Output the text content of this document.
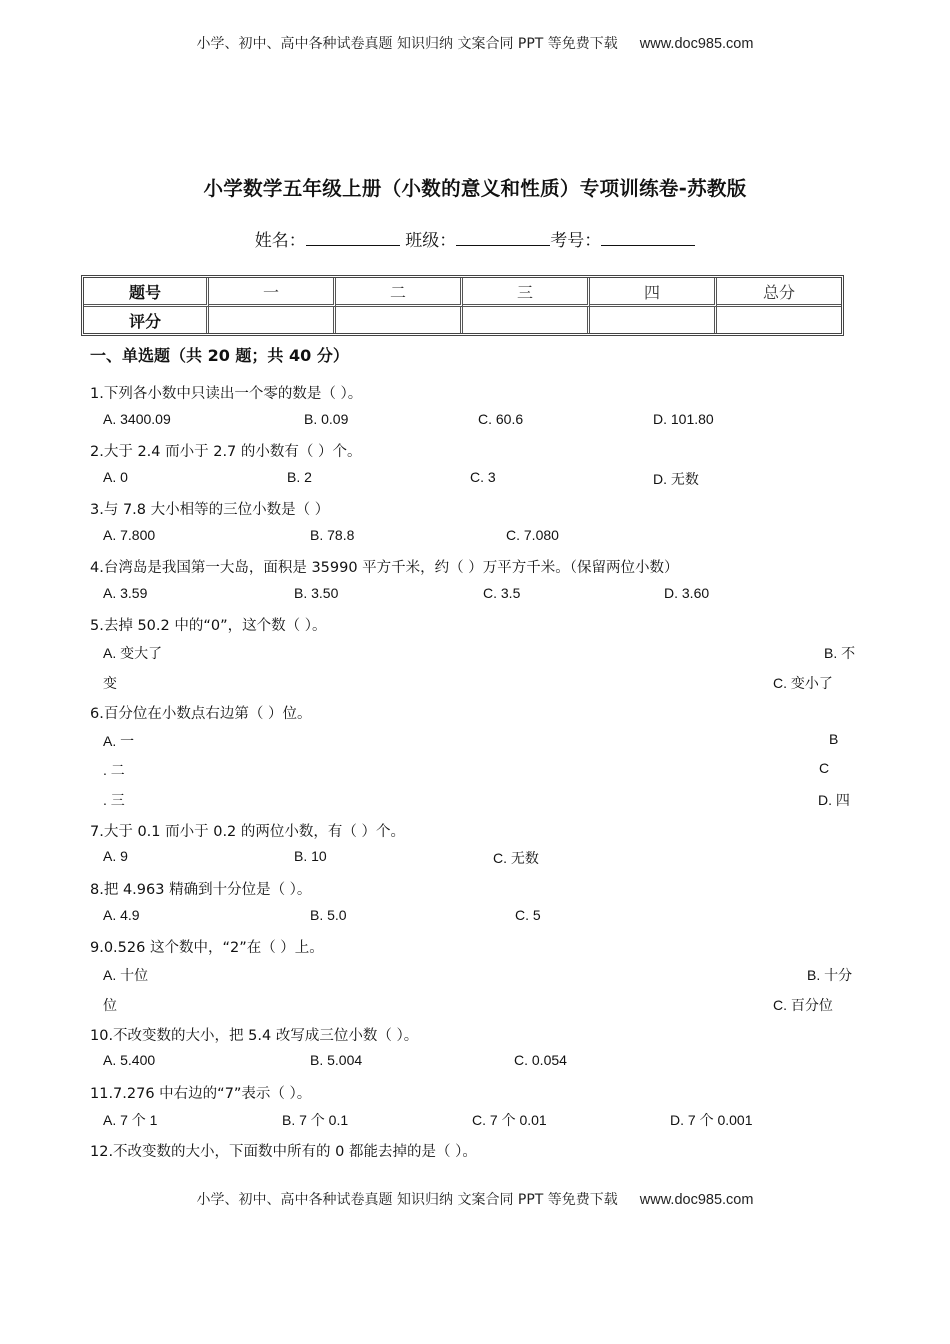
小学、初中、高中各种试卷真题 知识归纳 文案合同 PPT 等免费下载 www.doc985.com
小学数学五年级上册（小数的意义和性质）专项训练卷-苏教版
姓名：	班级：	考号：
题号	一	二	三	四	总分
评分					
一、单选题（共 20 题；共 40 分）
1.下列各小数中只读出一个零的数是（ ）。
A. 3400.09	B. 0.09	C. 60.6	D. 101.80
2.大于 2.4 而小于 2.7 的小数有（ ）个。
A. 0	B. 2	C. 3	D. 无数
3.与 7.8 大小相等的三位小数是（ ）
A. 7.800	B. 78.8	C. 7.080
4.台湾岛是我国第一大岛，面积是 35990 平方千米，约（ ）万平方千米。（保留两位小数）
A. 3.59	B. 3.50	C. 3.5	D. 3.60
5.去掉 50.2 中的“0”，这个数（ ）。
A. 变大了	B. 不
变	C. 变小了
6.百分位在小数点右边第（ ）位。
A. 一	B
. 二	C
. 三	D. 四
7.大于 0.1 而小于 0.2 的两位小数，有（ ）个。
A. 9	B. 10	C. 无数
8.把 4.963 精确到十分位是（ ）。
A. 4.9	B. 5.0	C. 5
9.0.526 这个数中，“2”在（ ）上。
A. 十位	B. 十分
位	C. 百分位
10.不改变数的大小，把 5.4 改写成三位小数（ ）。
A. 5.400	B. 5.004	C. 0.054
11.7.276 中右边的“7”表示（ ）。
A. 7 个 1	B. 7 个 0.1	C. 7 个 0.01	D. 7 个 0.001
12.不改变数的大小，下面数中所有的 0 都能去掉的是（ ）。
小学、初中、高中各种试卷真题 知识归纳 文案合同 PPT 等免费下载 www.doc985.com
